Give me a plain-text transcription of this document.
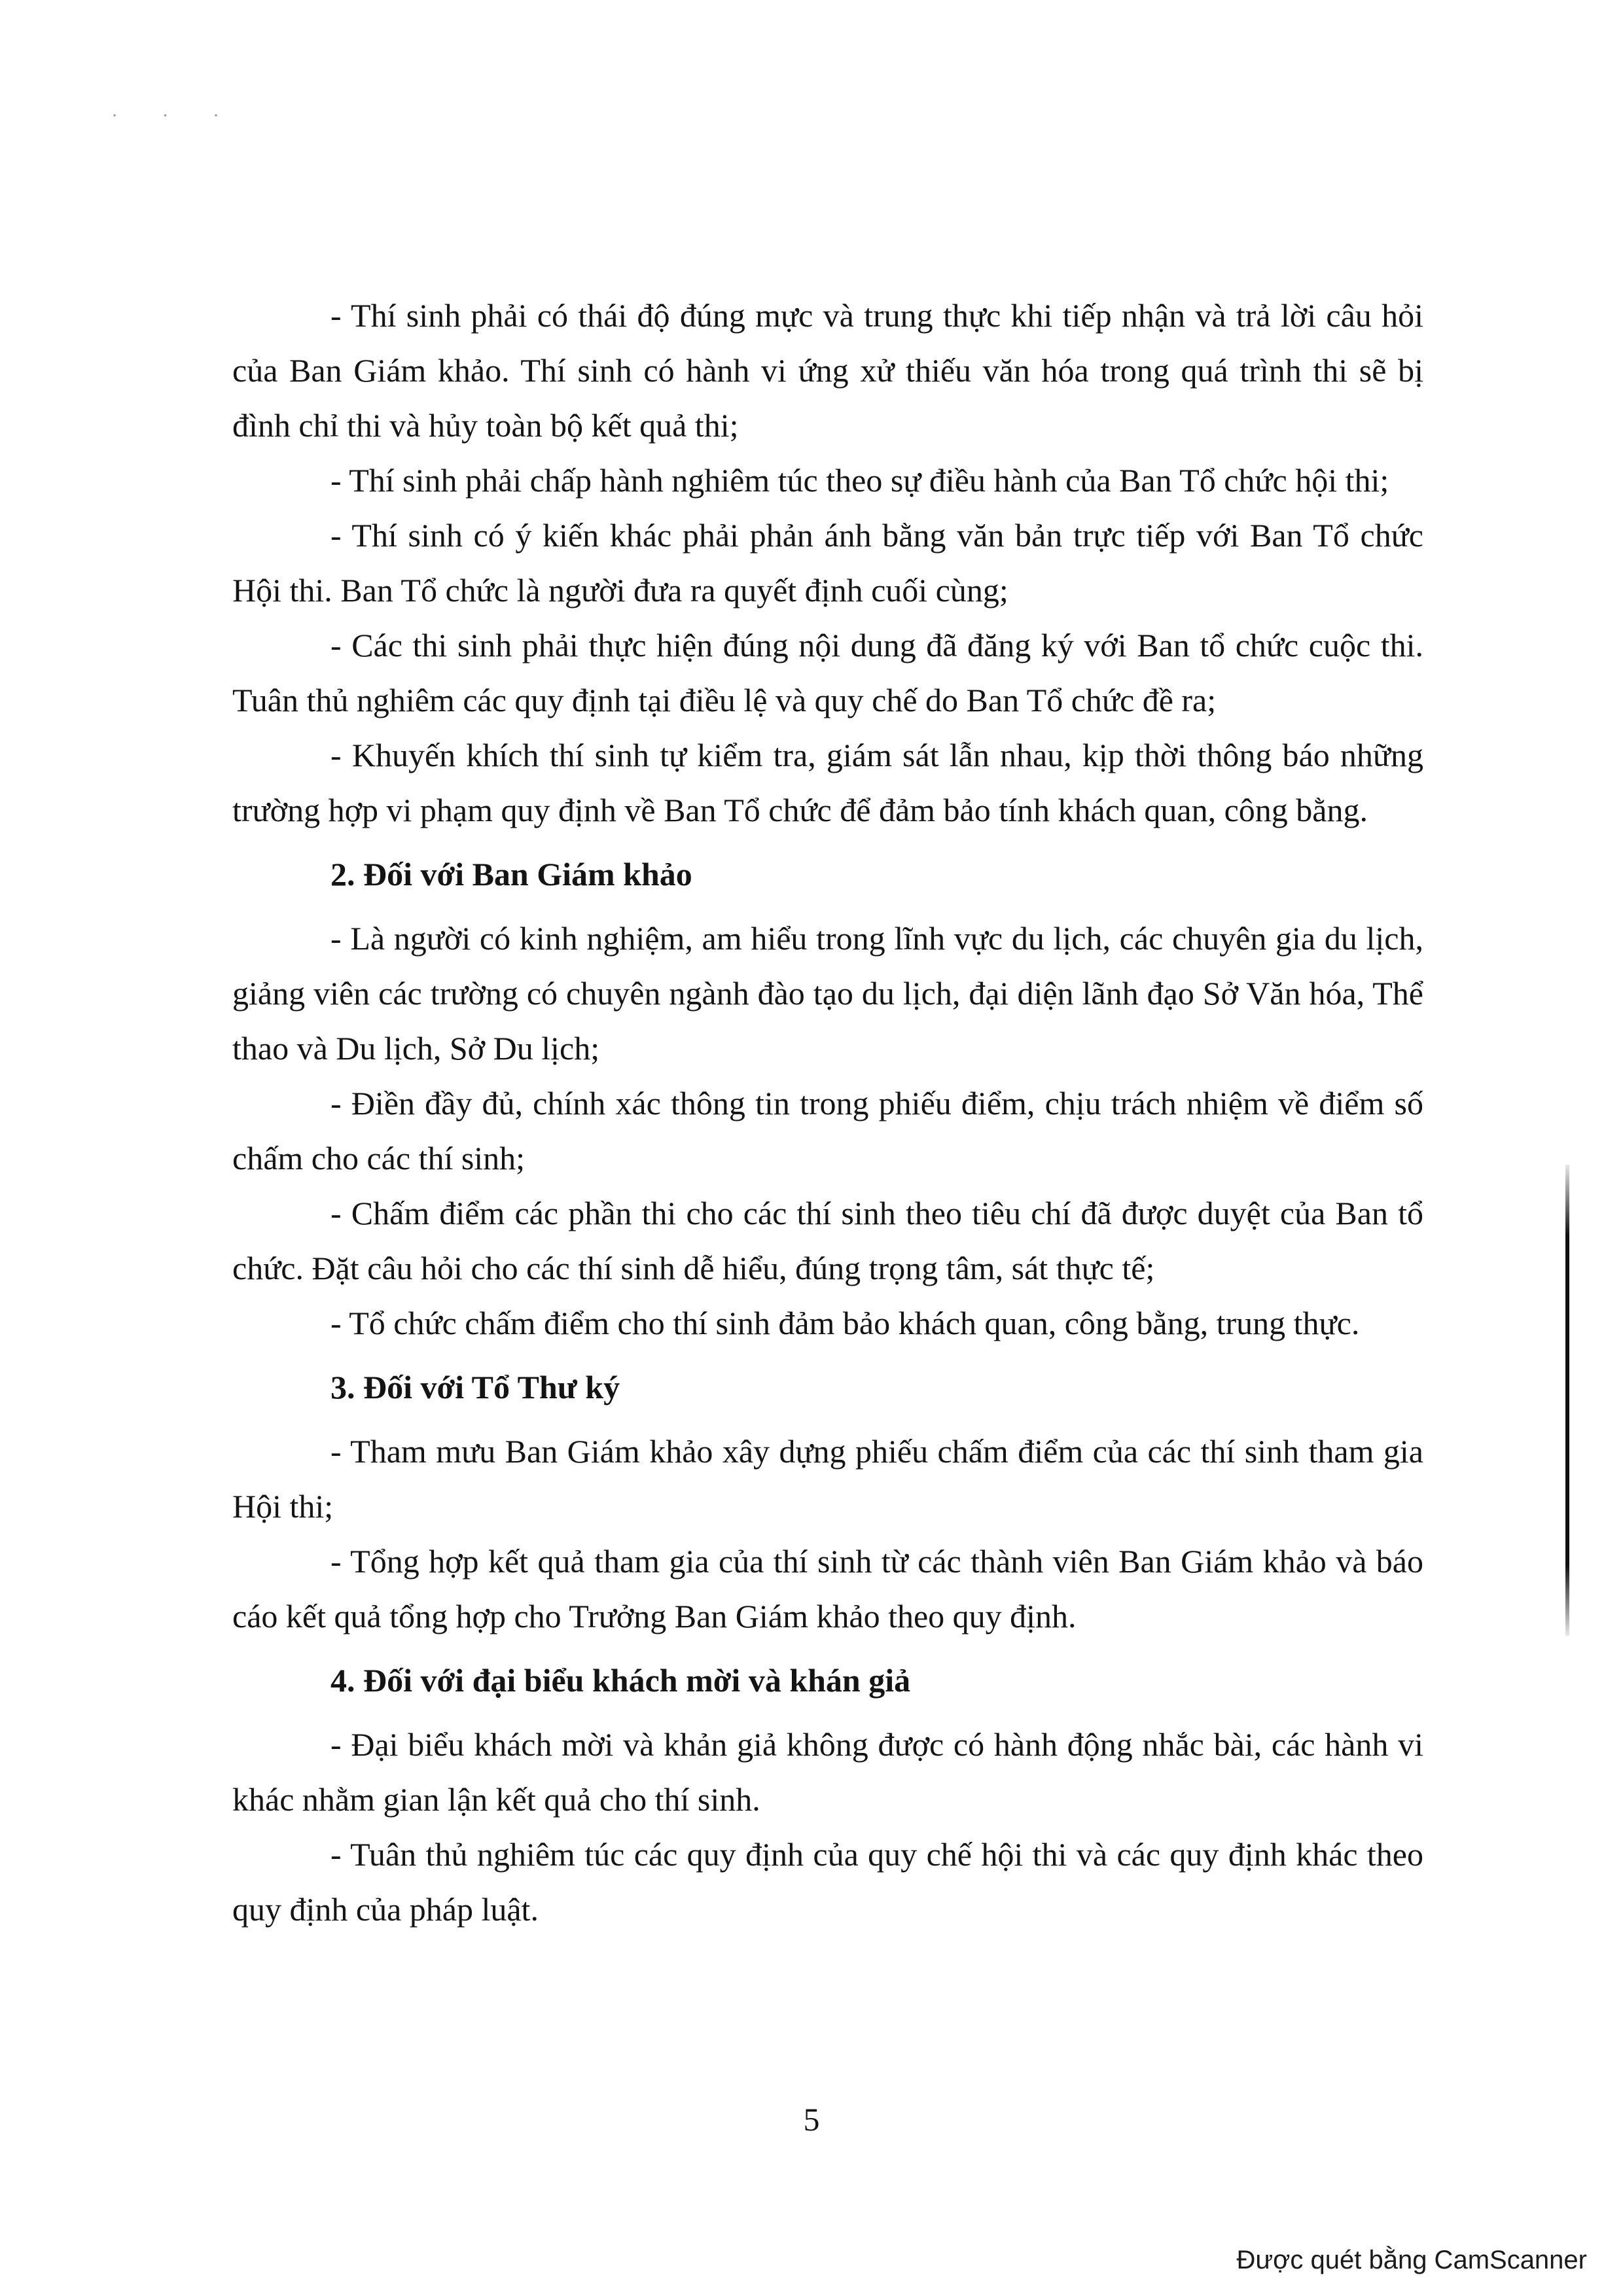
· · ·

- Thí sinh phải có thái độ đúng mực và trung thực khi tiếp nhận và trả lời câu hỏi của Ban Giám khảo. Thí sinh có hành vi ứng xử thiếu văn hóa trong quá trình thi sẽ bị đình chỉ thi và hủy toàn bộ kết quả thi;

- Thí sinh phải chấp hành nghiêm túc theo sự điều hành của Ban Tổ chức hội thi;

- Thí sinh có ý kiến khác phải phản ánh bằng văn bản trực tiếp với Ban Tổ chức Hội thi. Ban Tổ chức là người đưa ra quyết định cuối cùng;

- Các thi sinh phải thực hiện đúng nội dung đã đăng ký với Ban tổ chức cuộc thi. Tuân thủ nghiêm các quy định tại điều lệ và quy chế do Ban Tổ chức đề ra;

- Khuyến khích thí sinh tự kiểm tra, giám sát lẫn nhau, kịp thời thông báo những trường hợp vi phạm quy định về Ban Tổ chức để đảm bảo tính khách quan, công bằng.

2. Đối với Ban Giám khảo

- Là người có kinh nghiệm, am hiểu trong lĩnh vực du lịch, các chuyên gia du lịch, giảng viên các trường có chuyên ngành đào tạo du lịch, đại diện lãnh đạo Sở Văn hóa, Thể thao và Du lịch, Sở Du lịch;

- Điền đầy đủ, chính xác thông tin trong phiếu điểm, chịu trách nhiệm về điểm số chấm cho các thí sinh;

- Chấm điểm các phần thi cho các thí sinh theo tiêu chí đã được duyệt của Ban tổ chức. Đặt câu hỏi cho các thí sinh dễ hiểu, đúng trọng tâm, sát thực tế;

- Tổ chức chấm điểm cho thí sinh đảm bảo khách quan, công bằng, trung thực.

3. Đối với Tổ Thư ký

- Tham mưu Ban Giám khảo xây dựng phiếu chấm điểm của các thí sinh tham gia Hội thi;

- Tổng hợp kết quả tham gia của thí sinh từ các thành viên Ban Giám khảo và báo cáo kết quả tổng hợp cho Trưởng Ban Giám khảo theo quy định.

4. Đối với đại biểu khách mời và khán giả

- Đại biểu khách mời và khản giả không được có hành động nhắc bài, các hành vi khác nhằm gian lận kết quả cho thí sinh.

- Tuân thủ nghiêm túc các quy định của quy chế hội thi và các quy định khác theo quy định của pháp luật.

5
Được quét bằng CamScanner
